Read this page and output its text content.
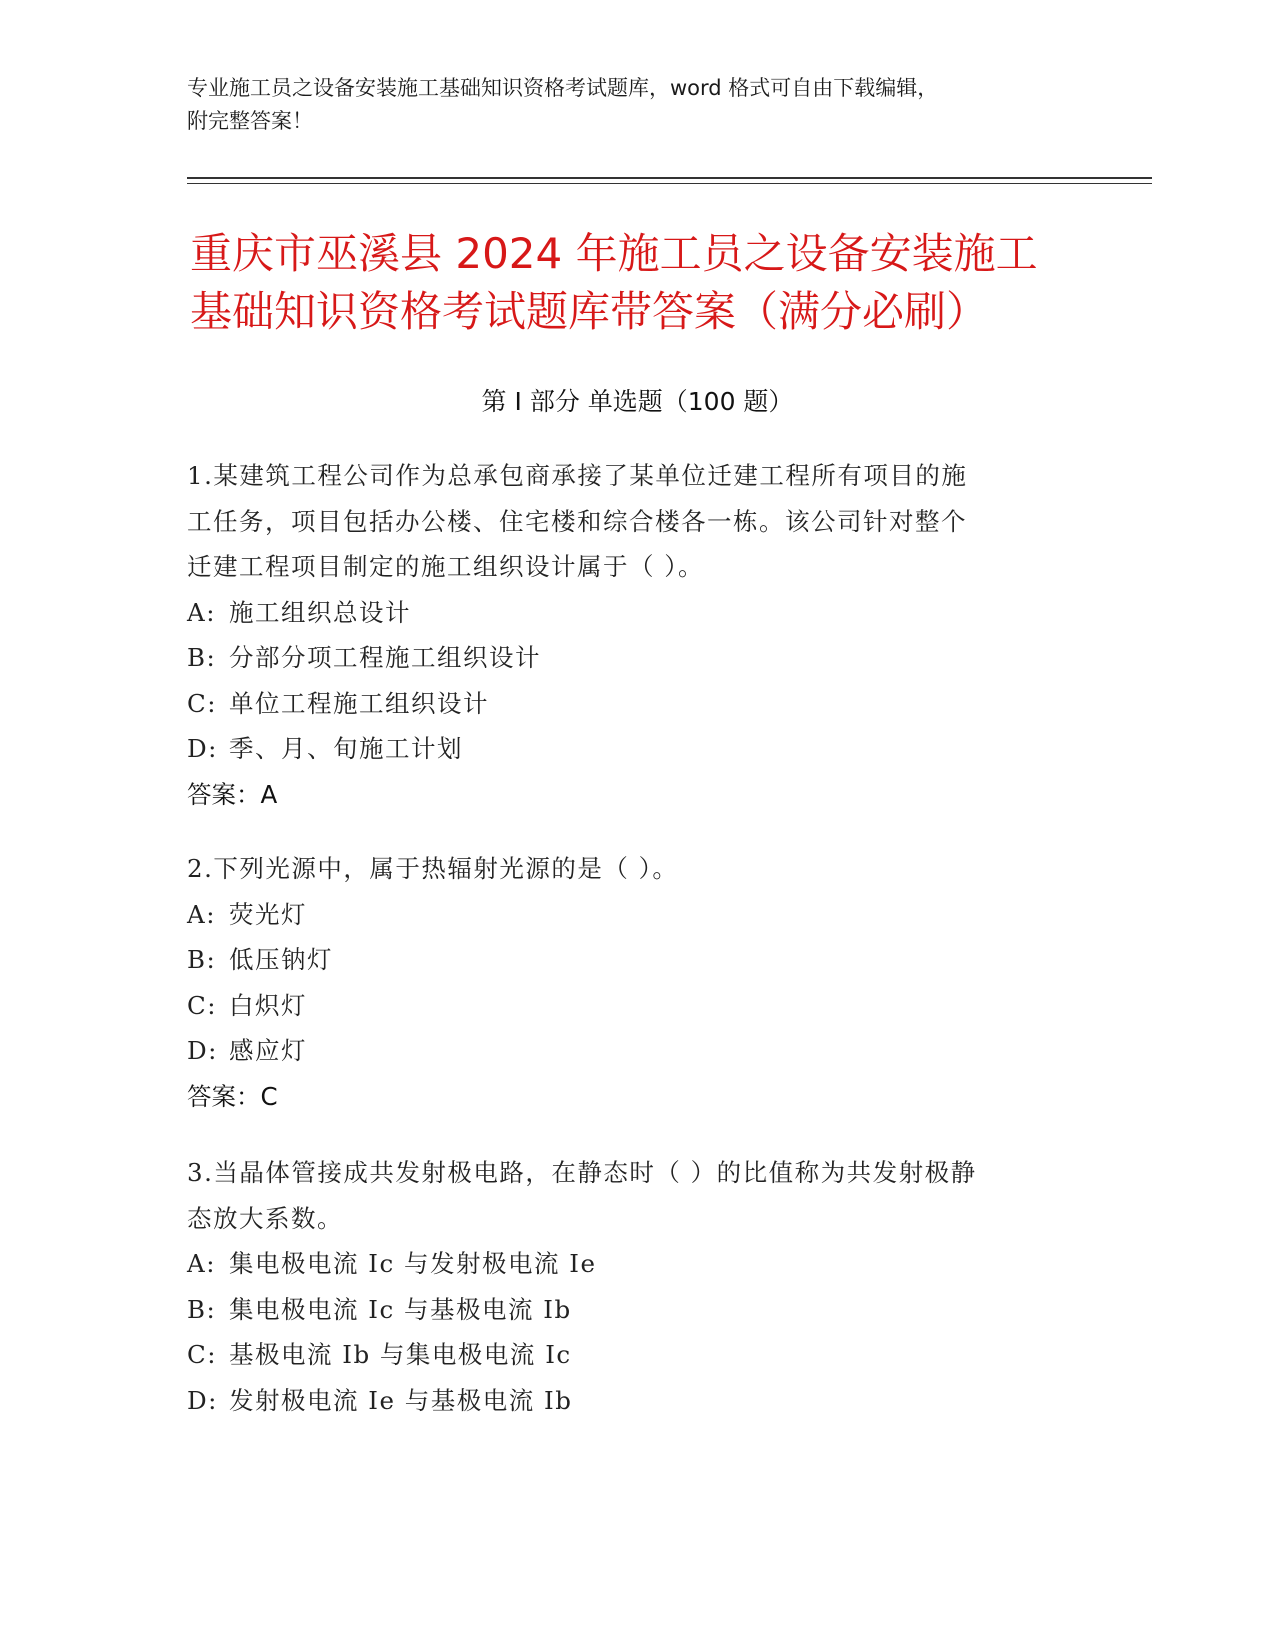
专业施工员之设备安装施工基础知识资格考试题库，word 格式可自由下载编辑，
附完整答案！
重庆市巫溪县 2024 年施工员之设备安装施工
基础知识资格考试题库带答案（满分必刷）
第 I 部分 单选题（100 题）
1.某建筑工程公司作为总承包商承接了某单位迁建工程所有项目的施
工任务，项目包括办公楼、住宅楼和综合楼各一栋。该公司针对整个
迁建工程项目制定的施工组织设计属于（ ）。
A: 施工组织总设计
B: 分部分项工程施工组织设计
C: 单位工程施工组织设计
D: 季、月、旬施工计划
答案：A
2.下列光源中，属于热辐射光源的是（ ）。
A: 荧光灯
B: 低压钠灯
C: 白炽灯
D: 感应灯
答案：C
3.当晶体管接成共发射极电路，在静态时（ ）的比值称为共发射极静
态放大系数。
A: 集电极电流 Ic 与发射极电流 Ie
B: 集电极电流 Ic 与基极电流 Ib
C: 基极电流 Ib 与集电极电流 Ic
D: 发射极电流 Ie 与基极电流 Ib
